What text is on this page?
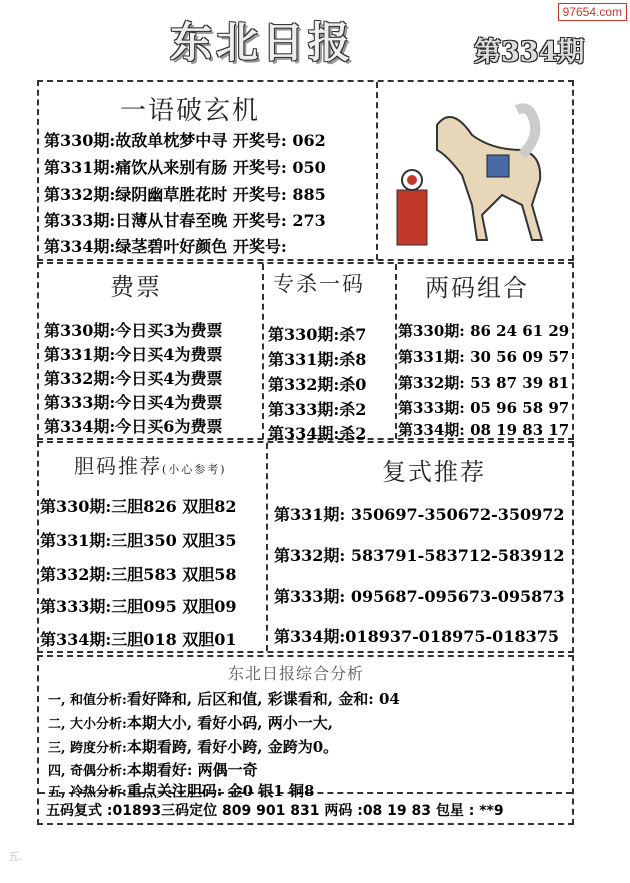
97654.com
东北日报	第334期
一语破玄机
第330期:故敌单枕梦中寻 开奖号: 062
第331期:痛饮从来别有肠 开奖号: 050
第332期:绿阴幽草胜花时 开奖号: 885
第333期:日薄从甘春至晚 开奖号: 273
第334期:绿茎碧叶好颜色 开奖号:
费票	专杀一码	两码组合
第330期:今日买3为费票
第331期:今日买4为费票
第332期:今日买4为费票
第333期:今日买4为费票
第334期:今日买6为费票
第330期:杀7
第331期:杀8
第332期:杀0
第333期:杀2
第334期:杀2
第330期: 86 24 61 29
第331期: 30 56 09 57
第332期: 53 87 39 81
第333期: 05 96 58 97
第334期: 08 19 83 17
胆码推荐(小心参考)	复式推荐
第330期:三胆826 双胆82
第331期:三胆350 双胆35
第332期:三胆583 双胆58
第333期:三胆095 双胆09
第334期:三胆018 双胆01
第331期: 350697-350672-350972
第332期: 583791-583712-583912
第333期: 095687-095673-095873
第334期:018937-018975-018375
东北日报综合分析
一, 和值分析:看好降和, 后区和值, 彩谍看和, 金和: 04
二, 大小分析:本期大小, 看好小码, 两小一大,
三, 跨度分析:本期看跨, 看好小跨, 金跨为0。
四, 奇偶分析:本期看好: 两偶一奇
五, 冷热分析:重点关注胆码: 金0 银1 铜8
五码复式 :01893三码定位 809 901 831 两码 :08 19 83 包星 : **9
五.
